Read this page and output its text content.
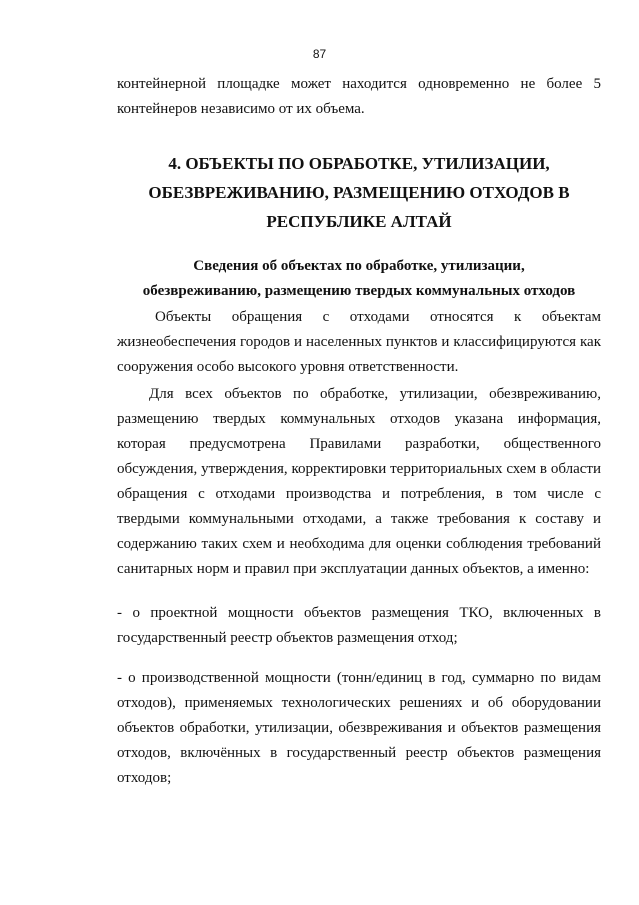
87
контейнерной площадке может находится одновременно не более 5
контейнеров независимо от их объема.
4. ОБЪЕКТЫ ПО ОБРАБОТКЕ, УТИЛИЗАЦИИ,
ОБЕЗВРЕЖИВАНИЮ, РАЗМЕЩЕНИЮ ОТХОДОВ В
РЕСПУБЛИКЕ АЛТАЙ
Сведения об объектах по обработке, утилизации,
обезвреживанию, размещению твердых коммунальных отходов
Объекты обращения с отходами относятся к объектам
жизнеобеспечения городов и населенных пунктов и классифицируются как
сооружения особо высокого уровня ответственности.
Для всех объектов по обработке, утилизации, обезвреживанию,
размещению твердых коммунальных отходов указана информация,
которая предусмотрена Правилами разработки, общественного
обсуждения, утверждения, корректировки территориальных схем в области
обращения с отходами производства и потребления, в том числе с
твердыми коммунальными отходами, а также требования к составу и
содержанию таких схем и необходима для оценки соблюдения требований
санитарных норм и правил при эксплуатации данных объектов, а именно:
- о проектной мощности объектов размещения ТКО, включенных в
государственный реестр объектов размещения отход;
- о производственной мощности (тонн/единиц в год, суммарно по видам
отходов), применяемых технологических решениях и об оборудовании
объектов обработки, утилизации, обезвреживания и объектов размещения
отходов, включённых в государственный реестр объектов размещения
отходов;
